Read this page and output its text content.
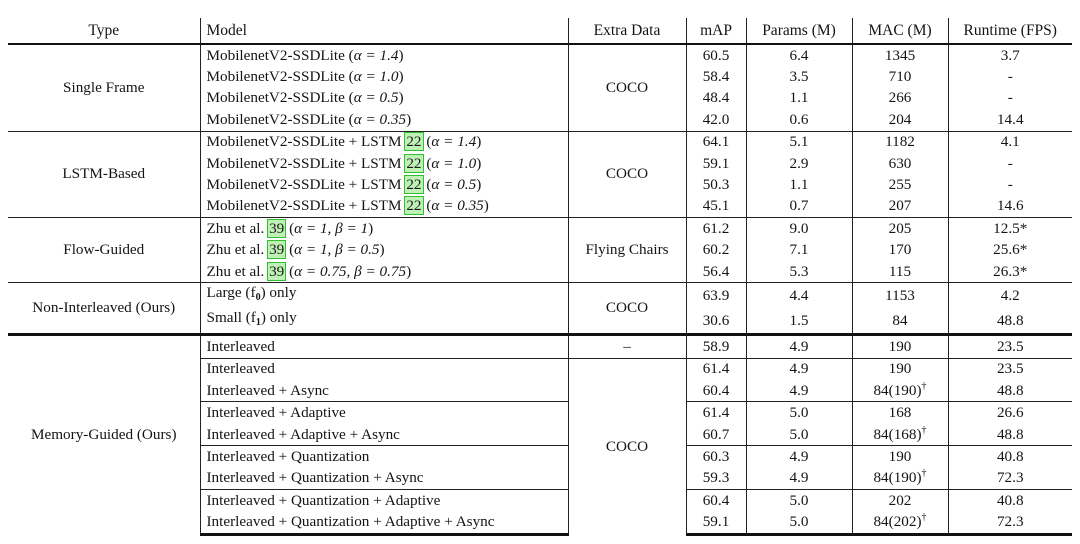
Type	Model	Extra Data	mAP	Params (M)	MAC (M)	Runtime (FPS)
Single Frame	MobilenetV2-SSDLite (α = 1.4)	COCO	60.5	6.4	1345	3.7
	MobilenetV2-SSDLite (α = 1.0)		58.4	3.5	710	-
	MobilenetV2-SSDLite (α = 0.5)		48.4	1.1	266	-
	MobilenetV2-SSDLite (α = 0.35)		42.0	0.6	204	14.4
LSTM-Based	MobilenetV2-SSDLite + LSTM 22 (α = 1.4)	COCO	64.1	5.1	1182	4.1
	MobilenetV2-SSDLite + LSTM 22 (α = 1.0)		59.1	2.9	630	-
	MobilenetV2-SSDLite + LSTM 22 (α = 0.5)		50.3	1.1	255	-
	MobilenetV2-SSDLite + LSTM 22 (α = 0.35)		45.1	0.7	207	14.6
Flow-Guided	Zhu et al. 39 (α = 1, β = 1)	Flying Chairs	61.2	9.0	205	12.5*
	Zhu et al. 39 (α = 1, β = 0.5)		60.2	7.1	170	25.6*
	Zhu et al. 39 (α = 0.75, β = 0.75)		56.4	5.3	115	26.3*
Non-Interleaved (Ours)	Large (f0) only	COCO	63.9	4.4	1153	4.2
	Small (f1) only		30.6	1.5	84	48.8
Memory-Guided (Ours)	Interleaved	–	58.9	4.9	190	23.5
	Interleaved	COCO	61.4	4.9	190	23.5
	Interleaved + Async		60.4	4.9	84(190)†	48.8
	Interleaved + Adaptive		61.4	5.0	168	26.6
	Interleaved + Adaptive + Async		60.7	5.0	84(168)†	48.8
	Interleaved + Quantization		60.3	4.9	190	40.8
	Interleaved + Quantization + Async		59.3	4.9	84(190)†	72.3
	Interleaved + Quantization + Adaptive		60.4	5.0	202	40.8
	Interleaved + Quantization + Adaptive + Async		59.1	5.0	84(202)†	72.3
